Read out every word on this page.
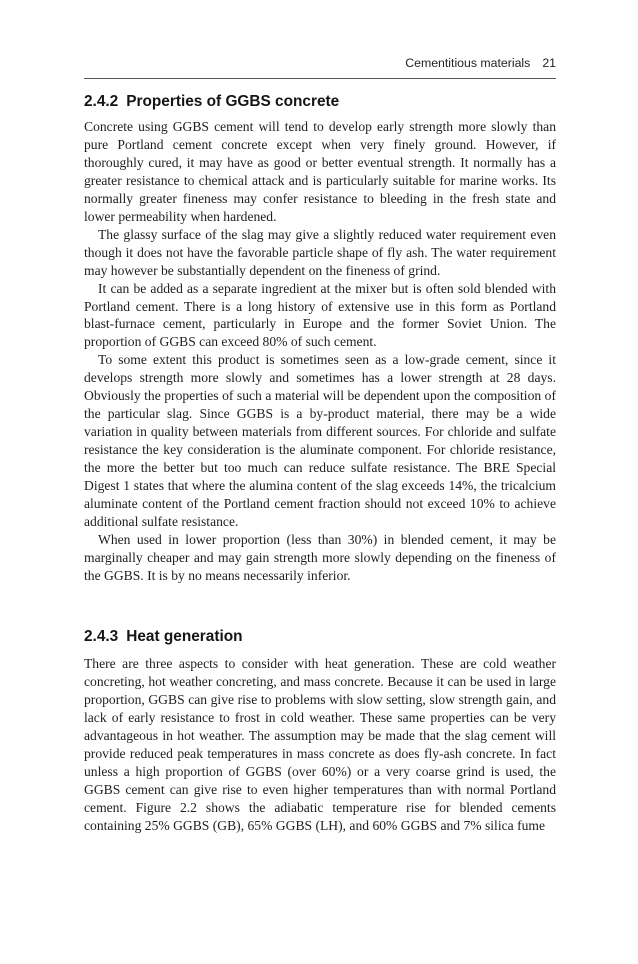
Cementitious materials 21
2.4.2 Properties of GGBS concrete

Concrete using GGBS cement will tend to develop early strength more slowly than pure Portland cement concrete except when very finely ground. However, if thoroughly cured, it may have as good or better eventual strength. It normally has a greater resistance to chemical attack and is particularly suitable for marine works. Its normally greater fineness may confer resistance to bleeding in the fresh state and lower permeability when hardened.

The glassy surface of the slag may give a slightly reduced water requirement even though it does not have the favorable particle shape of fly ash. The water requirement may however be substantially dependent on the fineness of grind.

It can be added as a separate ingredient at the mixer but is often sold blended with Portland cement. There is a long history of extensive use in this form as Portland blast-furnace cement, particularly in Europe and the former Soviet Union. The proportion of GGBS can exceed 80% of such cement.

To some extent this product is sometimes seen as a low-grade cement, since it develops strength more slowly and sometimes has a lower strength at 28 days. Obviously the properties of such a material will be dependent upon the composition of the particular slag. Since GGBS is a by-product material, there may be a wide variation in quality between materials from different sources. For chloride and sulfate resistance the key consideration is the aluminate component. For chloride resistance, the more the better but too much can reduce sulfate resistance. The BRE Special Digest 1 states that where the alumina content of the slag exceeds 14%, the tricalcium aluminate content of the Portland cement fraction should not exceed 10% to achieve additional sulfate resistance.

When used in lower proportion (less than 30%) in blended cement, it may be marginally cheaper and may gain strength more slowly depending on the fineness of the GGBS. It is by no means necessarily inferior.

2.4.3 Heat generation

There are three aspects to consider with heat generation. These are cold weather concreting, hot weather concreting, and mass concrete. Because it can be used in large proportion, GGBS can give rise to problems with slow setting, slow strength gain, and lack of early resistance to frost in cold weather. These same properties can be very advantageous in hot weather. The assumption may be made that the slag cement will provide reduced peak temperatures in mass concrete as does fly-ash concrete. In fact unless a high proportion of GGBS (over 60%) or a very coarse grind is used, the GGBS cement can give rise to even higher temperatures than with normal Portland cement. Figure 2.2 shows the adiabatic temperature rise for blended cements containing 25% GGBS (GB), 65% GGBS (LH), and 60% GGBS and 7% silica fume
